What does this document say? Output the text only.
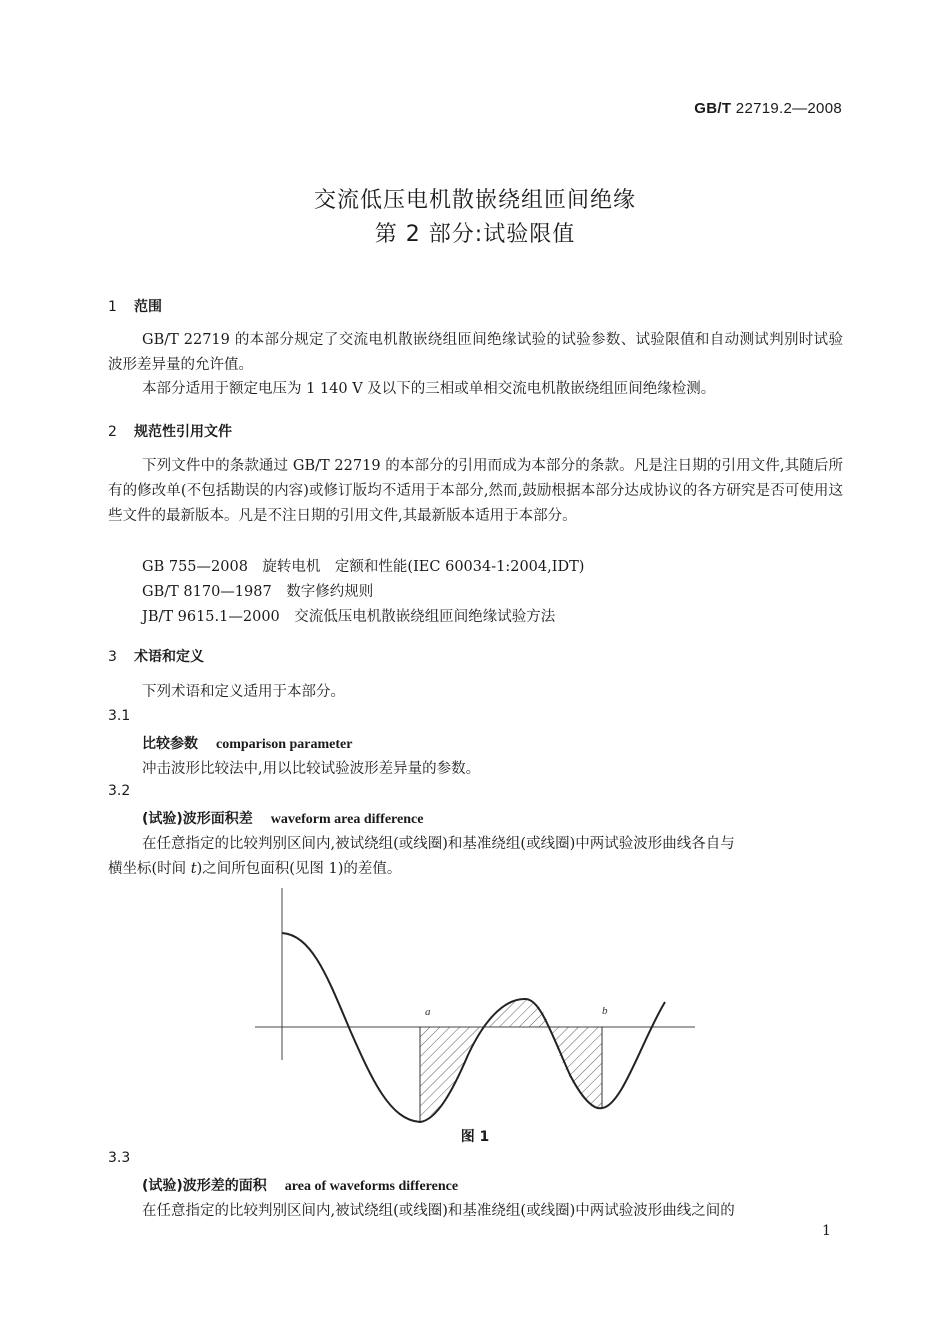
GB/T 22719.2—2008
交流低压电机散嵌绕组匝间绝缘
第 2 部分:试验限值
1 范围
GB/T 22719 的本部分规定了交流电机散嵌绕组匝间绝缘试验的试验参数、试验限值和自动测试判别时试验波形差异量的允许值。
本部分适用于额定电压为 1 140 V 及以下的三相或单相交流电机散嵌绕组匝间绝缘检测。
2 规范性引用文件
下列文件中的条款通过 GB/T 22719 的本部分的引用而成为本部分的条款。凡是注日期的引用文件,其随后所有的修改单(不包括勘误的内容)或修订版均不适用于本部分,然而,鼓励根据本部分达成协议的各方研究是否可使用这些文件的最新版本。凡是不注日期的引用文件,其最新版本适用于本部分。
GB 755—2008　旋转电机　定额和性能(IEC 60034-1:2004,IDT)
GB/T 8170—1987　数字修约规则
JB/T 9615.1—2000　交流低压电机散嵌绕组匝间绝缘试验方法
3 术语和定义
下列术语和定义适用于本部分。
3.1
比较参数 comparison parameter
冲击波形比较法中,用以比较试验波形差异量的参数。
3.2
(试验)波形面积差 waveform area difference
在任意指定的比较判别区间内,被试绕组(或线圈)和基准绕组(或线圈)中两试验波形曲线各自与
横坐标(时间 t)之间所包面积(见图 1)的差值。
a	b
图 1
3.3
(试验)波形差的面积 area of waveforms difference
在任意指定的比较判别区间内,被试绕组(或线圈)和基准绕组(或线圈)中两试验波形曲线之间的
1
